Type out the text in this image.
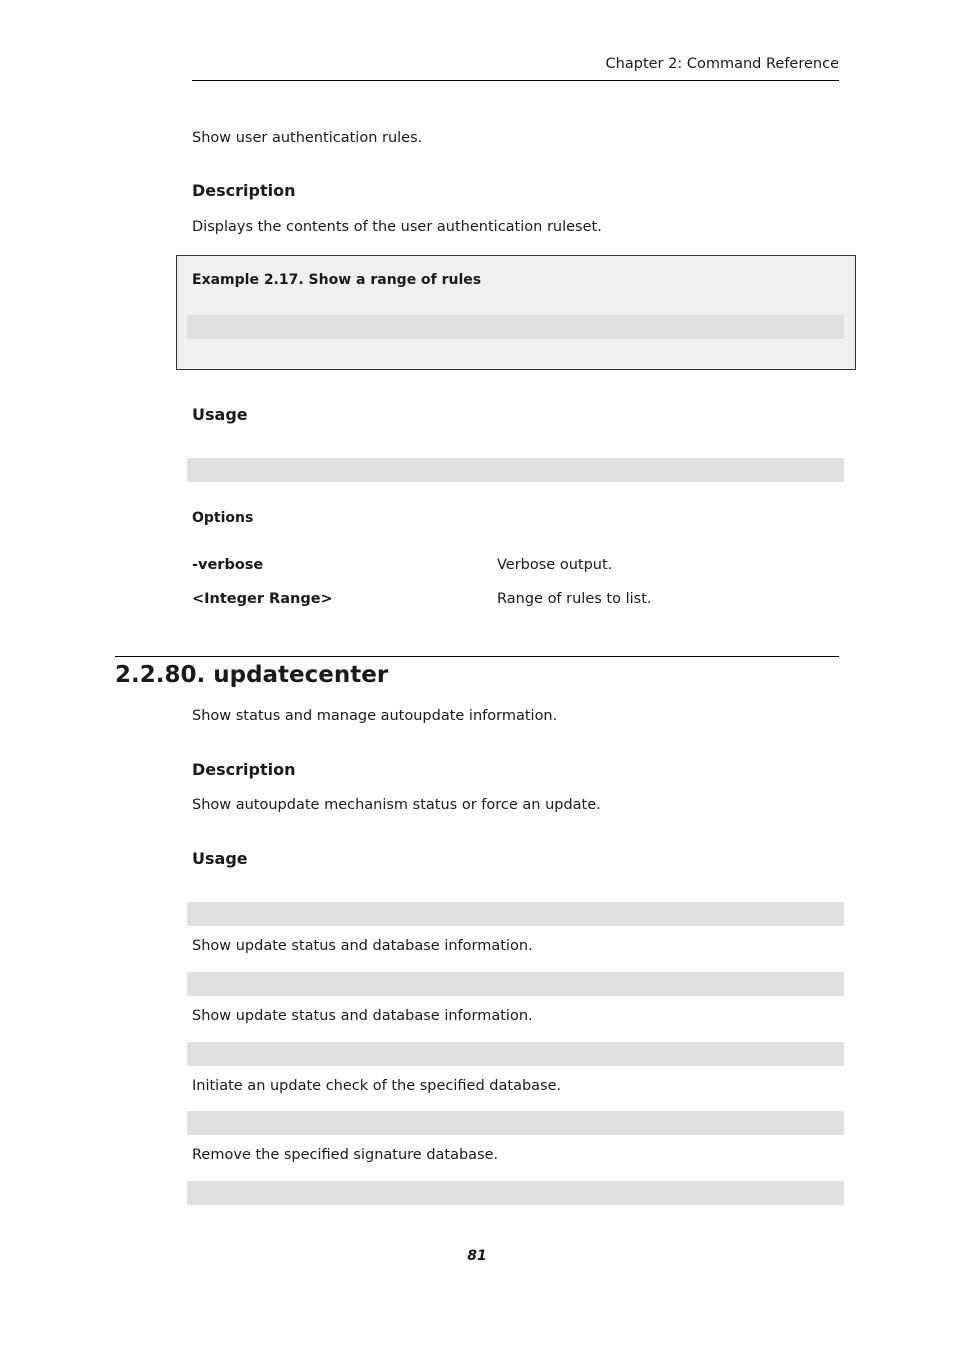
Chapter 2: Command Reference
Show user authentication rules.
Description
Displays the contents of the user authentication ruleset.
Example 2.17. Show a range of rules
Usage
Options
-verbose	Verbose output.
<Integer Range>	Range of rules to list.
2.2.80. updatecenter
Show status and manage autoupdate information.
Description
Show autoupdate mechanism status or force an update.
Usage
Show update status and database information.
Show update status and database information.
Initiate an update check of the specified database.
Remove the specified signature database.
81
